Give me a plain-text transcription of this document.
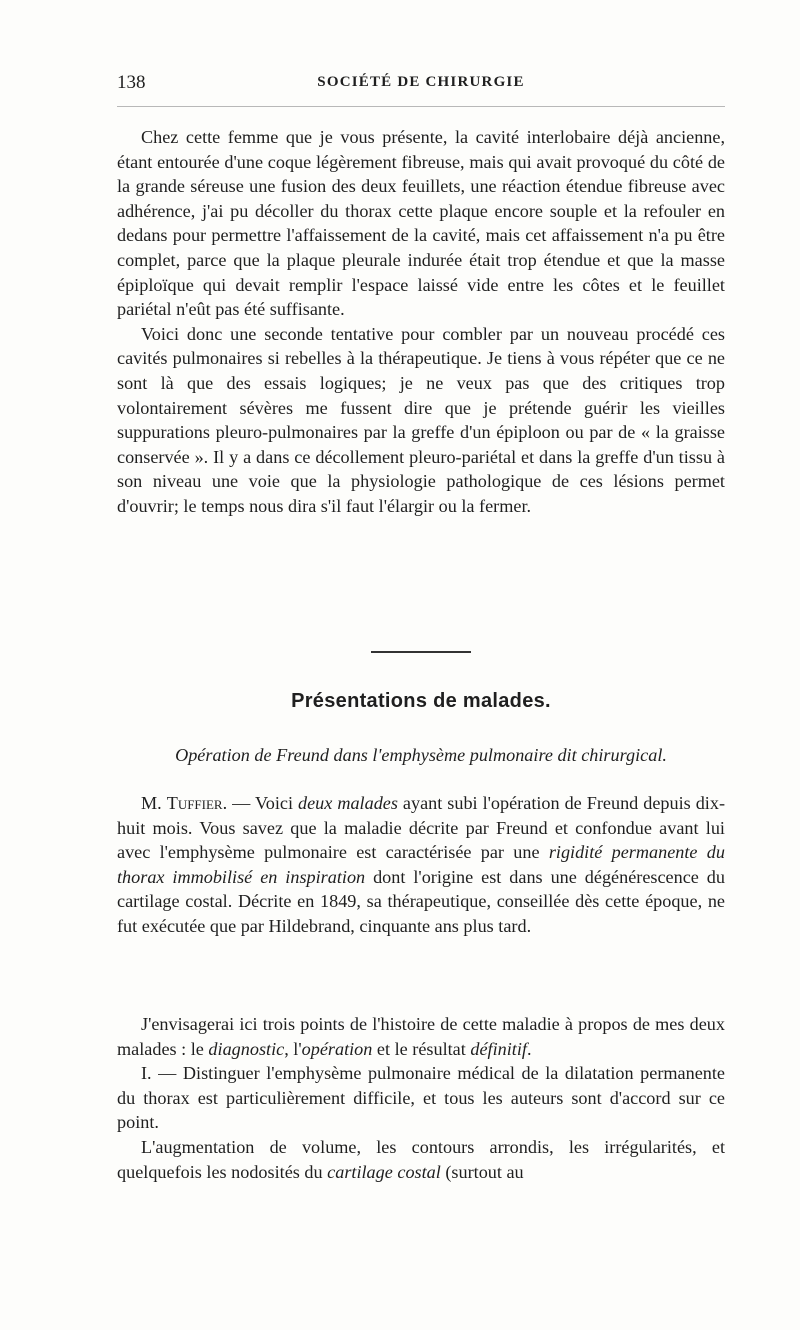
138	SOCIÉTÉ DE CHIRURGIE

Chez cette femme que je vous présente, la cavité interlobaire déjà ancienne, étant entourée d'une coque légèrement fibreuse, mais qui avait provoqué du côté de la grande séreuse une fusion des deux feuillets, une réaction étendue fibreuse avec adhérence, j'ai pu décoller du thorax cette plaque encore souple et la refouler en dedans pour permettre l'affaissement de la cavité, mais cet affaissement n'a pu être complet, parce que la plaque pleurale indurée était trop étendue et que la masse épiploïque qui devait remplir l'espace laissé vide entre les côtes et le feuillet pariétal n'eût pas été suffisante.

Voici donc une seconde tentative pour combler par un nouveau procédé ces cavités pulmonaires si rebelles à la thérapeutique. Je tiens à vous répéter que ce ne sont là que des essais logiques; je ne veux pas que des critiques trop volontairement sévères me fussent dire que je prétende guérir les vieilles suppurations pleuro-pulmonaires par la greffe d'un épiploon ou par de « la graisse conservée ». Il y a dans ce décollement pleuro-pariétal et dans la greffe d'un tissu à son niveau une voie que la physiologie pathologique de ces lésions permet d'ouvrir; le temps nous dira s'il faut l'élargir ou la fermer.

Présentations de malades.
Opération de Freund dans l'emphysème pulmonaire dit chirurgical.

M. Tuffier. — Voici deux malades ayant subi l'opération de Freund depuis dix-huit mois. Vous savez que la maladie décrite par Freund et confondue avant lui avec l'emphysème pulmonaire est caractérisée par une rigidité permanente du thorax immobilisé en inspiration dont l'origine est dans une dégénérescence du cartilage costal. Décrite en 1849, sa thérapeutique, conseillée dès cette époque, ne fut exécutée que par Hildebrand, cinquante ans plus tard.

J'envisagerai ici trois points de l'histoire de cette maladie à propos de mes deux malades : le diagnostic, l'opération et le résultat définitif.

I. — Distinguer l'emphysème pulmonaire médical de la dilatation permanente du thorax est particulièrement difficile, et tous les auteurs sont d'accord sur ce point.

L'augmentation de volume, les contours arrondis, les irrégularités, et quelquefois les nodosités du cartilage costal (surtout au
